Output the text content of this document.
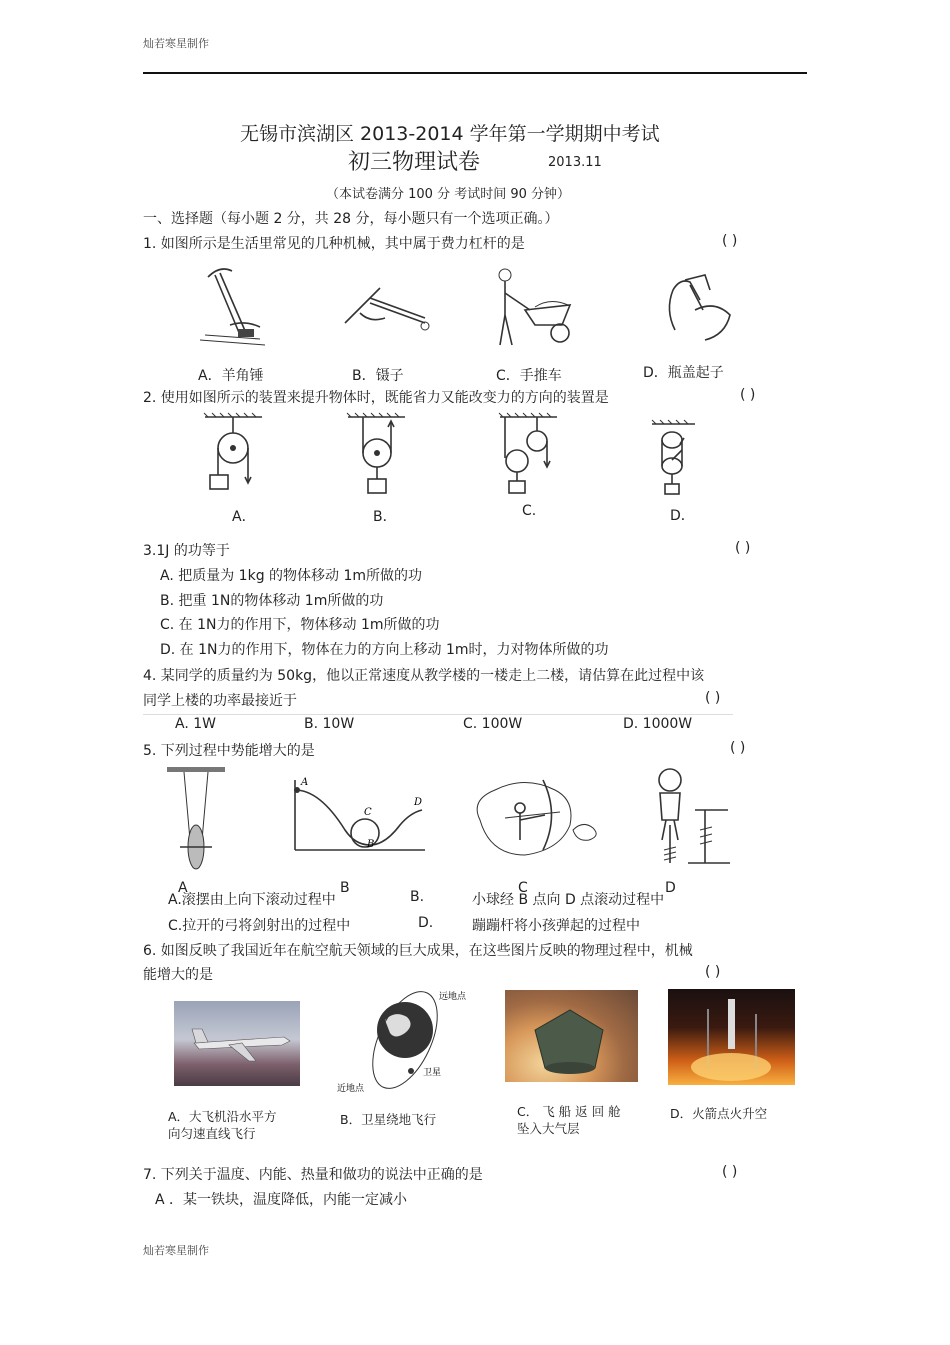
灿若寒星制作
无锡市滨湖区 2013-2014 学年第一学期期中考试
初三物理试卷	2013.11
（本试卷满分 100 分 考试时间 90 分钟）
一、选择题（每小题 2 分，共 28 分，每小题只有一个选项正确。）
1. 如图所示是生活里常见的几种机械，其中属于费力杠杆的是	( )
A．羊角锤	B．镊子	C．手推车	D．瓶盖起子
2. 使用如图所示的装置来提升物体时，既能省力又能改变力的方向的装置是	( )
A．	B．	C.	D．
3.1J 的功等于	( )
A. 把质量为 1kg 的物体移动 1m所做的功
B. 把重 1N的物体移动 1m所做的功
C. 在 1N力的作用下，物体移动 1m所做的功
D. 在 1N力的作用下，物体在力的方向上移动 1m时，力对物体所做的功
4. 某同学的质量约为 50kg，他以正常速度从教学楼的一楼走上二楼，请估算在此过程中该
同学上楼的功率最接近于	( )
A. 1W	B. 10W	C. 100W	D. 1000W
5. 下列过程中势能增大的是	( )
A
C
D
B
A	B	C	D
A.滚摆由上向下滚动过程中	B.	小球经 B 点向 D 点滚动过程中
C.拉开的弓将剑射出的过程中	D.	蹦蹦杆将小孩弹起的过程中
6. 如图反映了我国近年在航空航天领域的巨大成果，在这些图片反映的物理过程中，机械
能增大的是	( )
远地点
卫星
近地点
A．大飞机沿水平方
向匀速直线飞行
B．卫星绕地飞行
C． 飞 船 返 回 舱
坠入大气层
D．火箭点火升空
7. 下列关于温度、内能、热量和做功的说法中正确的是	( )
A ．某一铁块，温度降低，内能一定减小
灿若寒星制作
